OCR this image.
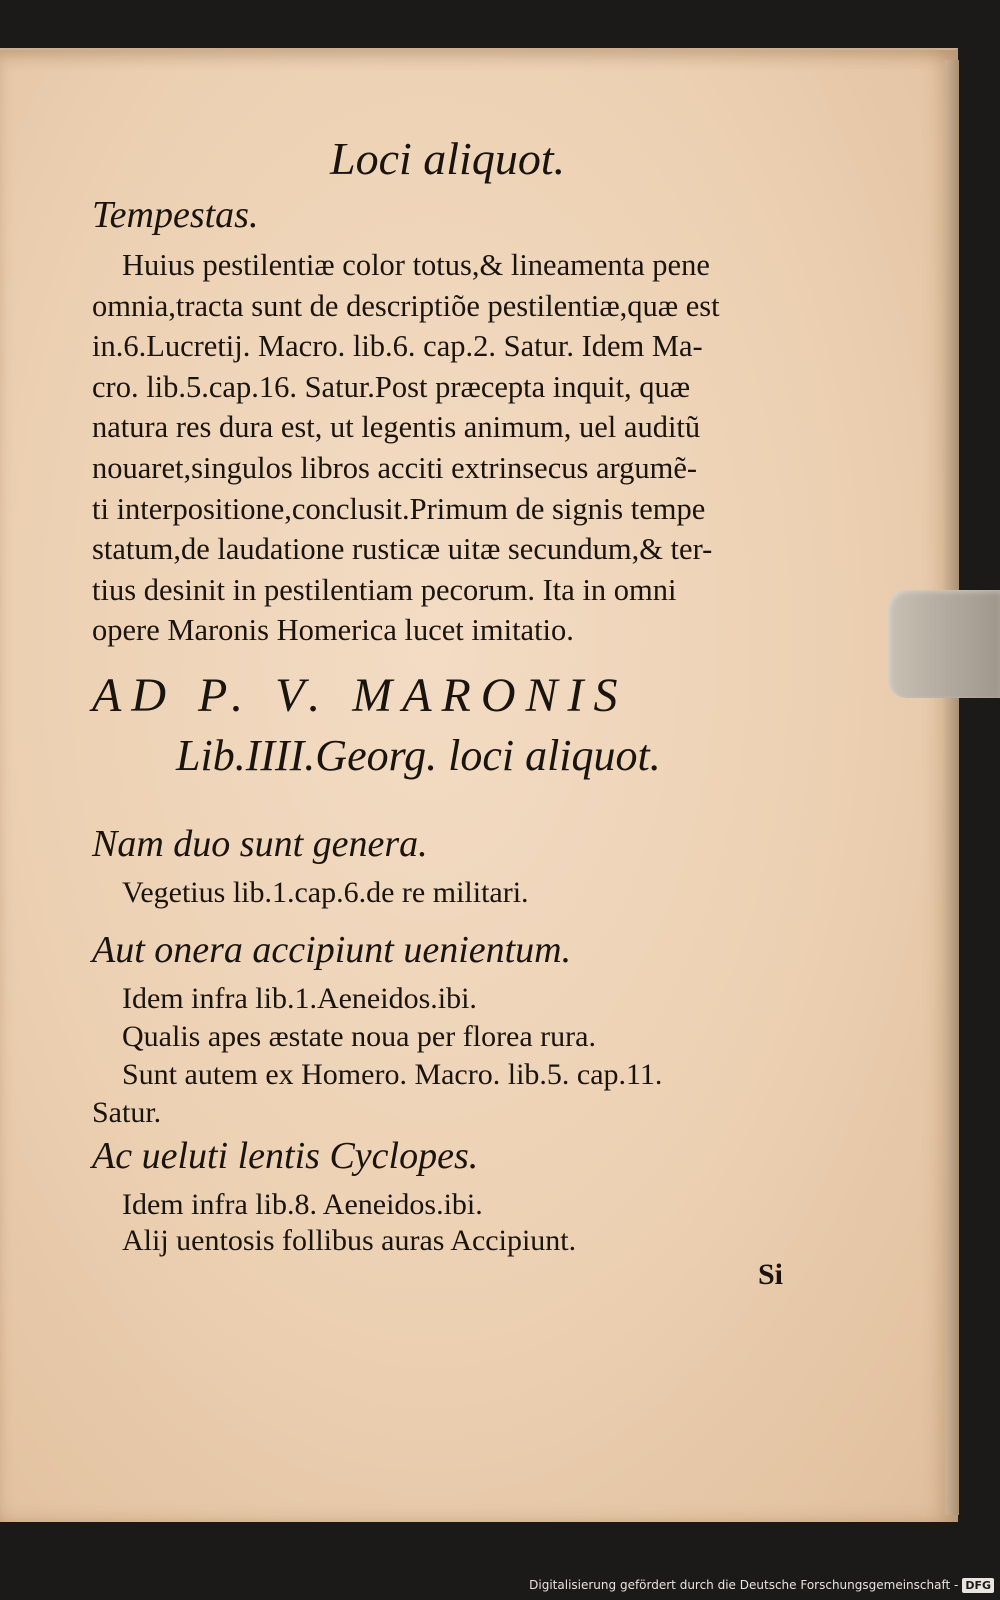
Loci aliquot.
Tempestas.
Huius pestilentiæ color totus,& lineamenta pene
omnia,tracta sunt de descriptiõe pestilentiæ,quæ est
in.6.Lucretij. Macro. lib.6. cap.2. Satur. Idem Ma-
cro. lib.5.cap.16. Satur.Post præcepta inquit, quæ
natura res dura est, ut legentis animum, uel auditũ
nouaret,singulos libros acciti extrinsecus argumẽ-
ti interpositione,conclusit.Primum de signis tempe
statum,de laudatione rusticæ uitæ secundum,& ter-
tius desinit in pestilentiam pecorum. Ita in omni
opere Maronis Homerica lucet imitatio.
AD P. V. MARONIS
Lib.IIII.Georg. loci aliquot.
Nam duo sunt genera.
Vegetius lib.1.cap.6.de re militari.
Aut onera accipiunt uenientum.
Idem infra lib.1.Aeneidos.ibi.
Qualis apes æstate noua per florea rura.
Sunt autem ex Homero. Macro. lib.5. cap.11.
Satur.
Ac ueluti lentis Cyclopes.
Idem infra lib.8. Aeneidos.ibi.
Alij uentosis follibus auras Accipiunt.
Si
Digitalisierung gefördert durch die Deutsche Forschungsgemeinschaft - DFG
